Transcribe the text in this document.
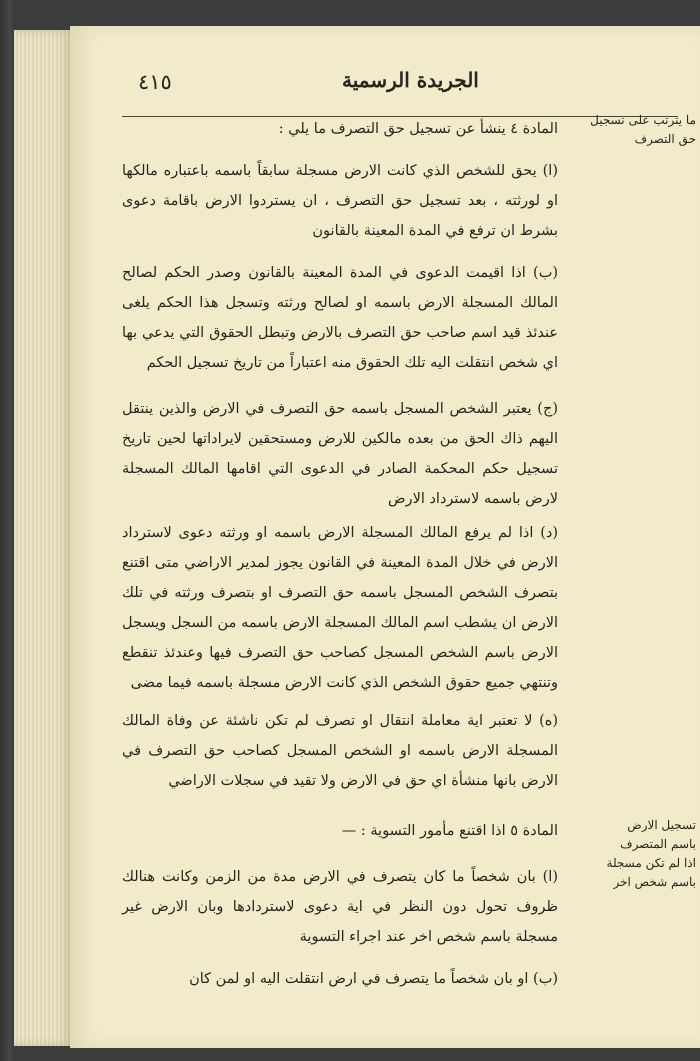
٤١٥	الجريدة الرسمية
ما يترتب على تسجيل
حق التصرف
تسجيل الارض
باسم المتصرف
اذا لم تكن مسجلة
باسم شخص اخر

المادة ٤ ينشأ عن تسجيل حق التصرف ما يلي :

(ا) يحق للشخص الذي كانت الارض مسجلة سابقاً باسمه باعتباره مالكها او لورثته ، بعد تسجيل حق التصرف ، ان يستردوا الارض باقامة دعوى بشرط ان ترفع في المدة المعينة بالقانون

(ب) اذا اقيمت الدعوى في المدة المعينة بالقانون وصدر الحكم لصالح المالك المسجلة الارض باسمه او لصالح ورثته وتسجل هذا الحكم يلغى عندئذ قيد اسم صاحب حق التصرف بالارض وتبطل الحقوق التي يدعي بها اي شخص انتقلت اليه تلك الحقوق منه اعتباراً من تاريخ تسجيل الحكم

(ج) يعتبر الشخص المسجل باسمه حق التصرف في الارض والذين ينتقل اليهم ذاك الحق من بعده مالكين للارض ومستحقين لايراداتها لحين تاريخ تسجيل حكم المحكمة الصادر في الدعوى التي اقامها المالك المسجلة لارض باسمه لاسترداد الارض

(د) اذا لم يرفع المالك المسجلة الارض باسمه او ورثته دعوى لاسترداد الارض في خلال المدة المعينة في القانون يجوز لمدير الاراضي متى اقتنع بتصرف الشخص المسجل باسمه حق التصرف او بتصرف ورثته في تلك الارض ان يشطب اسم المالك المسجلة الارض باسمه من السجل ويسجل الارض باسم الشخص المسجل كصاحب حق التصرف فيها وعندئذ تنقطع وتنتهي جميع حقوق الشخص الذي كانت الارض مسجلة باسمه فيما مضى

(ه) لا تعتبر اية معاملة انتقال او تصرف لم تكن ناشئة عن وفاة المالك المسجلة الارض باسمه او الشخص المسجل كصاحب حق التصرف في الارض بانها منشأة اي حق في الارض ولا تقيد في سجلات الاراضي

المادة ٥ اذا اقتنع مأمور التسوية : —

(ا) بان شخصاً ما كان يتصرف في الارض مدة من الزمن وكانت هنالك ظروف تحول دون النظر في اية دعوى لاستردادها وبان الارض غير مسجلة باسم شخص اخر عند اجراء التسوية

(ب) او بان شخصاً ما يتصرف في ارض انتقلت اليه او لمن كان
